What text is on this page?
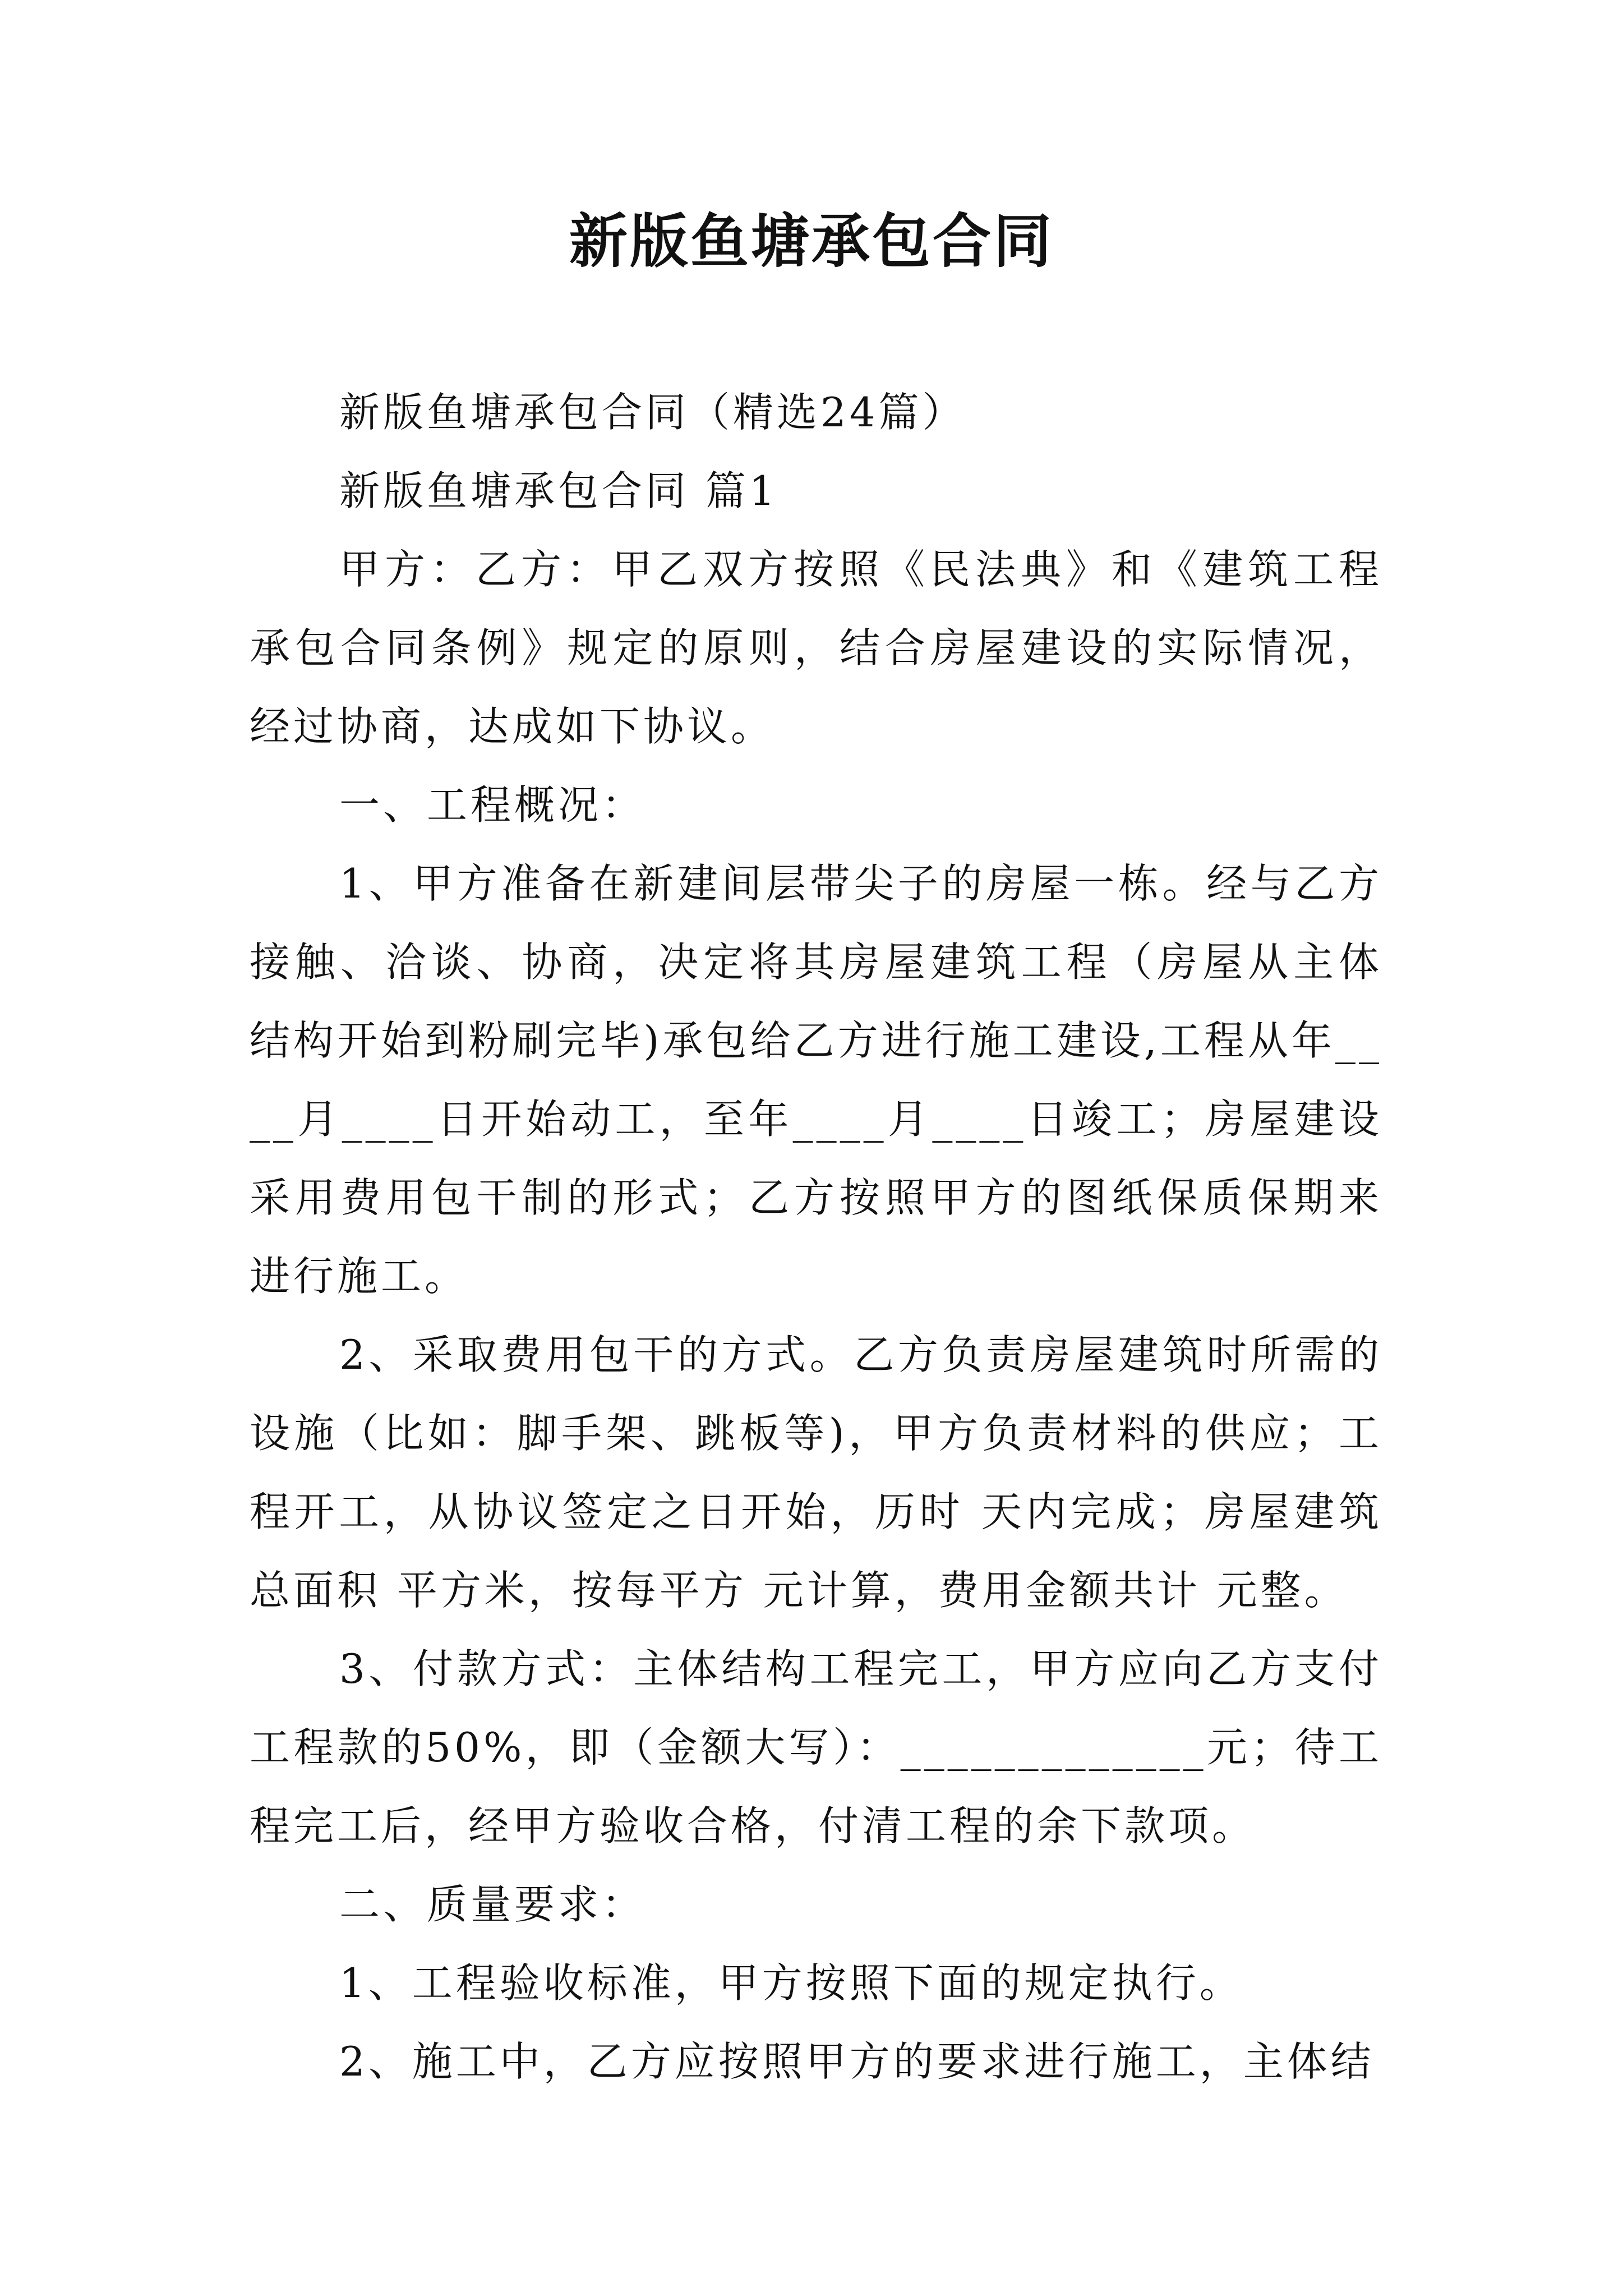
新版鱼塘承包合同

新版鱼塘承包合同（精选24篇）

新版鱼塘承包合同 篇1

甲方：乙方：甲乙双方按照《民法典》和《建筑工程承包合同条例》规定的原则，结合房屋建设的实际情况，经过协商，达成如下协议。

一、工程概况：

1、甲方准备在新建间层带尖子的房屋一栋。经与乙方接触、洽谈、协商，决定将其房屋建筑工程（房屋从主体结构开始到粉刷完毕)承包给乙方进行施工建设,工程从年____月____日开始动工，至年____月____日竣工；房屋建设采用费用包干制的形式；乙方按照甲方的图纸保质保期来进行施工。

2、采取费用包干的方式。乙方负责房屋建筑时所需的设施（比如：脚手架、跳板等)，甲方负责材料的供应；工程开工，从协议签定之日开始，历时 天内完成；房屋建筑总面积 平方米，按每平方 元计算，费用金额共计 元整。

3、付款方式：主体结构工程完工，甲方应向乙方支付工程款的50%，即（金额大写）：_____________元；待工程完工后，经甲方验收合格，付清工程的余下款项。

二、质量要求：

1、工程验收标准，甲方按照下面的规定执行。

2、施工中，乙方应按照甲方的要求进行施工，主体结
